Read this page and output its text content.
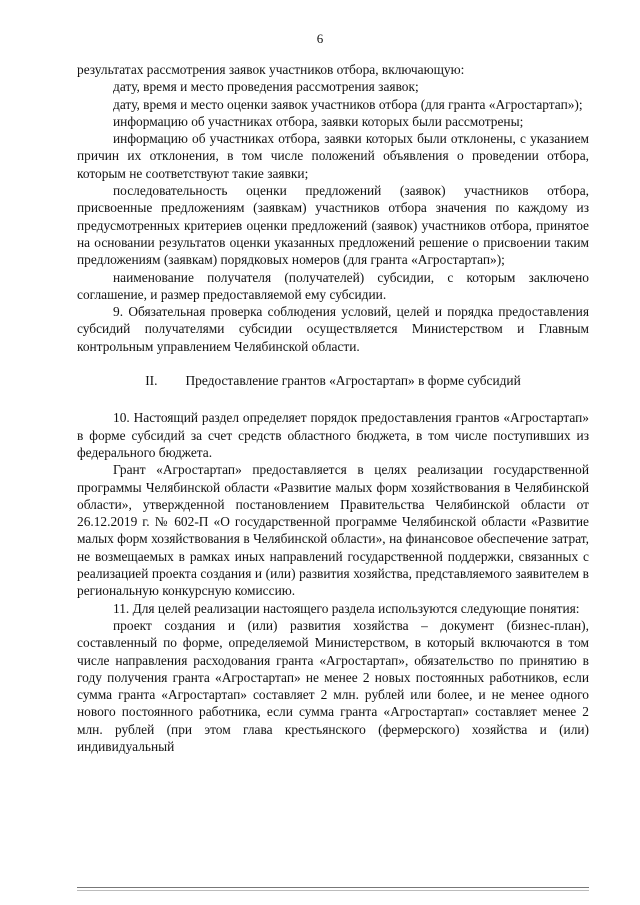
6

результатах рассмотрения заявок участников отбора, включающую:

дату, время и место проведения рассмотрения заявок;

дату, время и место оценки заявок участников отбора (для гранта «Агростартап»);

информацию об участниках отбора, заявки которых были рассмотрены;

информацию об участниках отбора, заявки которых были отклонены, с указанием причин их отклонения, в том числе положений объявления о проведении отбора, которым не соответствуют такие заявки;

последовательность оценки предложений (заявок) участников отбора, присвоенные предложениям (заявкам) участников отбора значения по каждому из предусмотренных критериев оценки предложений (заявок) участников отбора, принятое на основании результатов оценки указанных предложений решение о присвоении таким предложениям (заявкам) порядковых номеров (для гранта «Агростартап»);

наименование получателя (получателей) субсидии, с которым заключено соглашение, и размер предоставляемой ему субсидии.

9. Обязательная проверка соблюдения условий, целей и порядка предоставления субсидий получателями субсидии осуществляется Министерством и Главным контрольным управлением Челябинской области.

II. Предоставление грантов «Агростартап» в форме субсидий

10. Настоящий раздел определяет порядок предоставления грантов «Агростартап» в форме субсидий за счет средств областного бюджета, в том числе поступивших из федерального бюджета.

Грант «Агростартап» предоставляется в целях реализации государственной программы Челябинской области «Развитие малых форм хозяйствования в Челябинской области», утвержденной постановлением Правительства Челябинской области от 26.12.2019 г. № 602-П «О государственной программе Челябинской области «Развитие малых форм хозяйствования в Челябинской области», на финансовое обеспечение затрат, не возмещаемых в рамках иных направлений государственной поддержки, связанных с реализацией проекта создания и (или) развития хозяйства, представляемого заявителем в региональную конкурсную комиссию.

11. Для целей реализации настоящего раздела используются следующие понятия:

проект создания и (или) развития хозяйства – документ (бизнес-план), составленный по форме, определяемой Министерством, в который включаются в том числе направления расходования гранта «Агростартап», обязательство по принятию в году получения гранта «Агростартап» не менее 2 новых постоянных работников, если сумма гранта «Агростартап» составляет 2 млн. рублей или более, и не менее одного нового постоянного работника, если сумма гранта «Агростартап» составляет менее 2 млн. рублей (при этом глава крестьянского (фермерского) хозяйства и (или) индивидуальный
